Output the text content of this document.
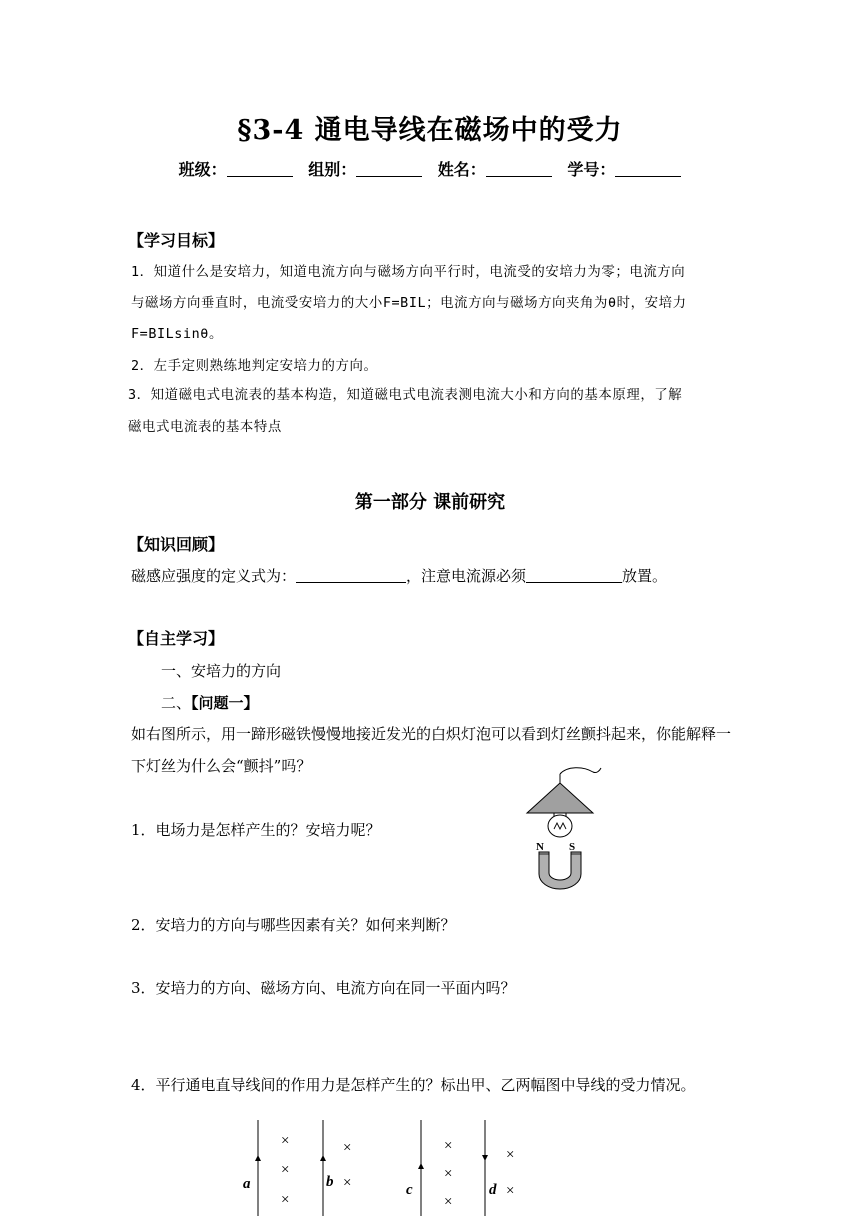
§3-4 通电导线在磁场中的受力
班级：	组别：	姓名：	学号：
【学习目标】
1．知道什么是安培力，知道电流方向与磁场方向平行时，电流受的安培力为零；电流方向
与磁场方向垂直时，电流受安培力的大小F=BIL；电流方向与磁场方向夹角为θ时，安培力
F=BILsinθ。
2．左手定则熟练地判定安培力的方向。
3．知道磁电式电流表的基本构造，知道磁电式电流表测电流大小和方向的基本原理，了解
磁电式电流表的基本特点
第一部分 课前研究
【知识回顾】
磁感应强度的定义式为：	，注意电流源必须	放置。
【自主学习】
一、安培力的方向
二、【问题一】
如右图所示，用一蹄形磁铁慢慢地接近发光的白炽灯泡可以看到灯丝颤抖起来，你能解释一
下灯丝为什么会“颤抖”吗？
N S
1．电场力是怎样产生的？安培力呢？
2．安培力的方向与哪些因素有关？如何来判断？
3．安培力的方向、磁场方向、电流方向在同一平面内吗？
4．平行通电直导线间的作用力是怎样产生的？标出甲、乙两幅图中导线的受力情况。
a	b	c	d
×
×
×
×
×
×
×
×
×
×
